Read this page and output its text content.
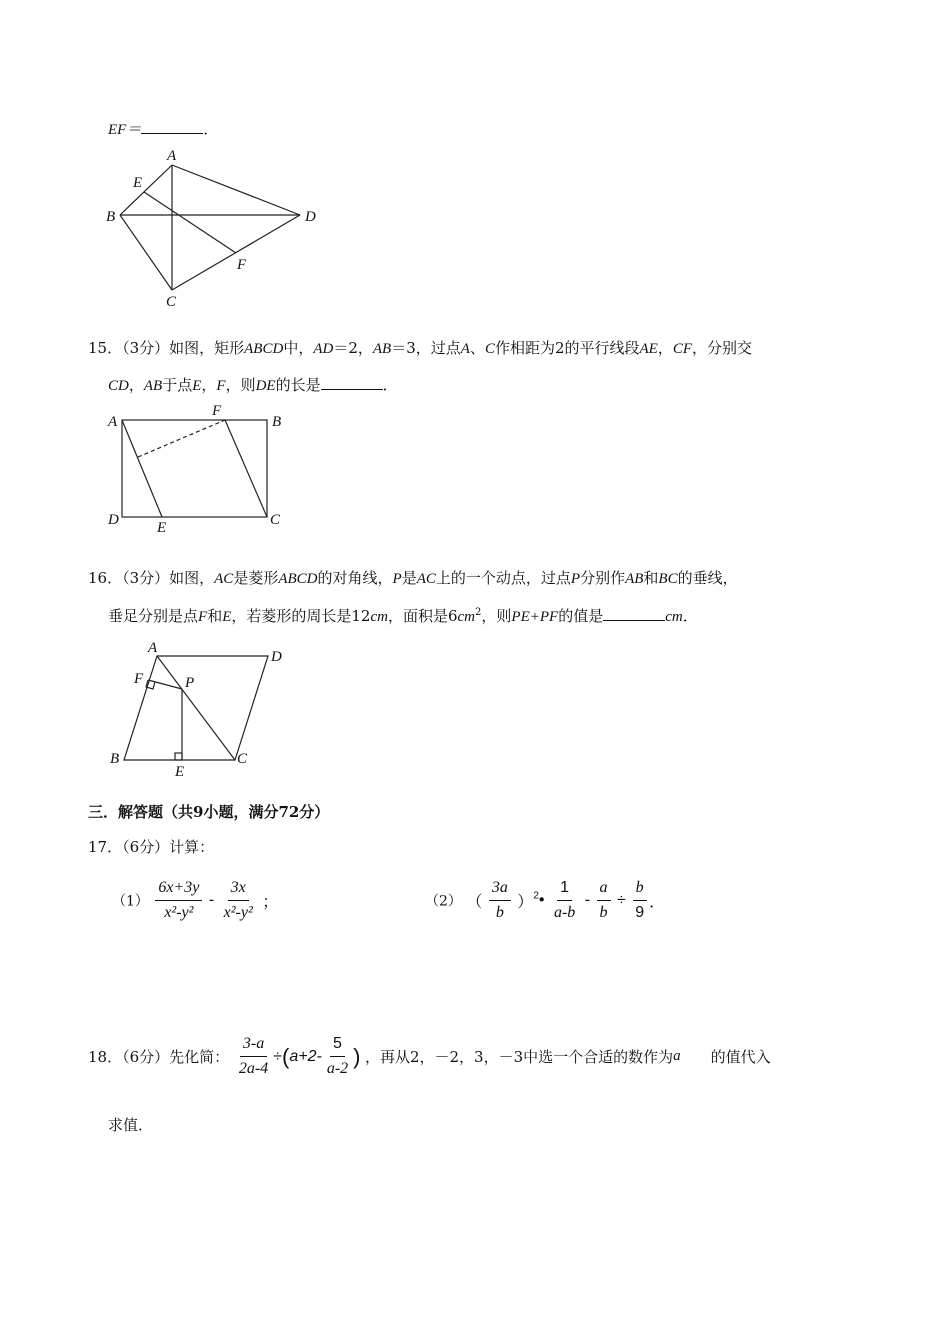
EF＝	．
A
B
C
D
E
F
15．（3分）如图，矩形ABCD中，AD＝2，AB＝3，过点A、C作相距为2的平行线段AE，CF，分别交
CD，AB于点E，F，则DE的长是	．
A	B
C
D	E
F
16．（3分）如图，AC是菱形ABCD的对角线，P是AC上的一个动点，过点P分别作AB和BC的垂线，
垂足分别是点F和E，若菱形的周长是12cm，面积是$6cm^2$，则PE+PF的值是	cm．
A
B	C
D
E
F	P
三．解答题（共9小题，满分72分）
17．（6分）计算：
$(1) \frac{6x+3y}{\text{x²-y²}} - \frac{3x}{\text{x²-y²}}$ ；	（2） （ $\frac{3a}{b}$ ）$^2$• $\frac{1}{a-b} - \frac{a}{b} \div \frac{b}{9}$ ．
18．（6分）先化简： $\frac{3-a}{2a-4} \div(a+2- \frac{5}{a-2}$ ) ，再从2，－2，3，－3中选一个合适的数作为a 的值代入
求值．
